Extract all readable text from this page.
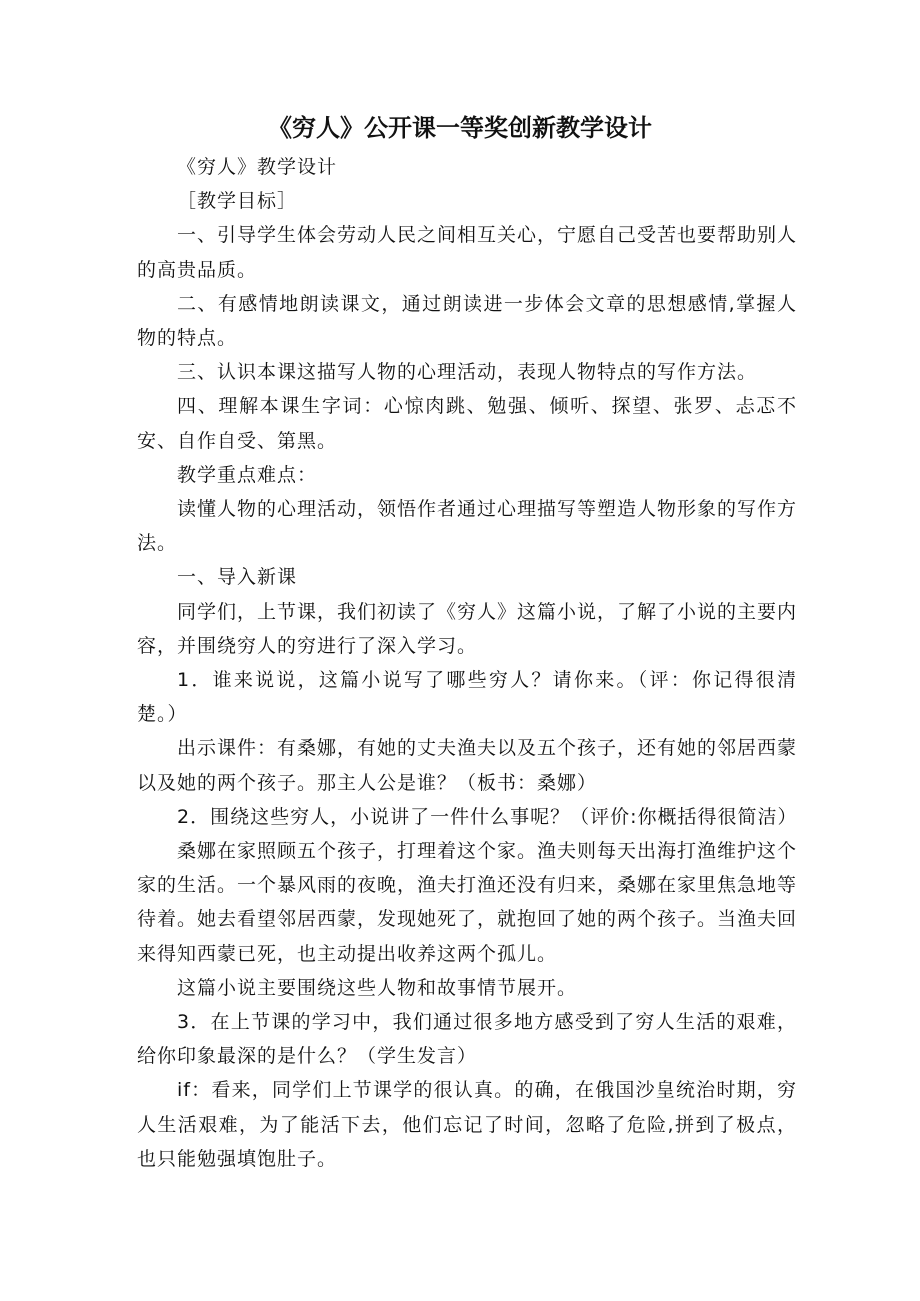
《穷人》公开课一等奖创新教学设计

《穷人》教学设计

［教学目标］

一、引导学生体会劳动人民之间相互关心，宁愿自己受苦也要帮助别人的高贵品质。

二、有感情地朗读课文，通过朗读进一步体会文章的思想感情,掌握人物的特点。

三、认识本课这描写人物的心理活动，表现人物特点的写作方法。

四、理解本课生字词：心惊肉跳、勉强、倾听、探望、张罗、忐忑不安、自作自受、第黑。

教学重点难点：

读懂人物的心理活动，领悟作者通过心理描写等塑造人物形象的写作方法。

一、导入新课

同学们，上节课，我们初读了《穷人》这篇小说，了解了小说的主要内容，并围绕穷人的穷进行了深入学习。

1．谁来说说，这篇小说写了哪些穷人？请你来。（评：你记得很清楚。）

出示课件：有桑娜，有她的丈夫渔夫以及五个孩子，还有她的邻居西蒙以及她的两个孩子。那主人公是谁？（板书：桑娜）

2．围绕这些穷人，小说讲了一件什么事呢？（评价:你概括得很简洁）

桑娜在家照顾五个孩子，打理着这个家。渔夫则每天出海打渔维护这个家的生活。一个暴风雨的夜晚，渔夫打渔还没有归来，桑娜在家里焦急地等待着。她去看望邻居西蒙，发现她死了，就抱回了她的两个孩子。当渔夫回来得知西蒙已死，也主动提出收养这两个孤儿。

这篇小说主要围绕这些人物和故事情节展开。

3．在上节课的学习中，我们通过很多地方感受到了穷人生活的艰难，给你印象最深的是什么？（学生发言）

if：看来，同学们上节课学的很认真。的确，在俄国沙皇统治时期，穷人生活艰难，为了能活下去，他们忘记了时间，忽略了危险,拼到了极点，也只能勉强填饱肚子。
